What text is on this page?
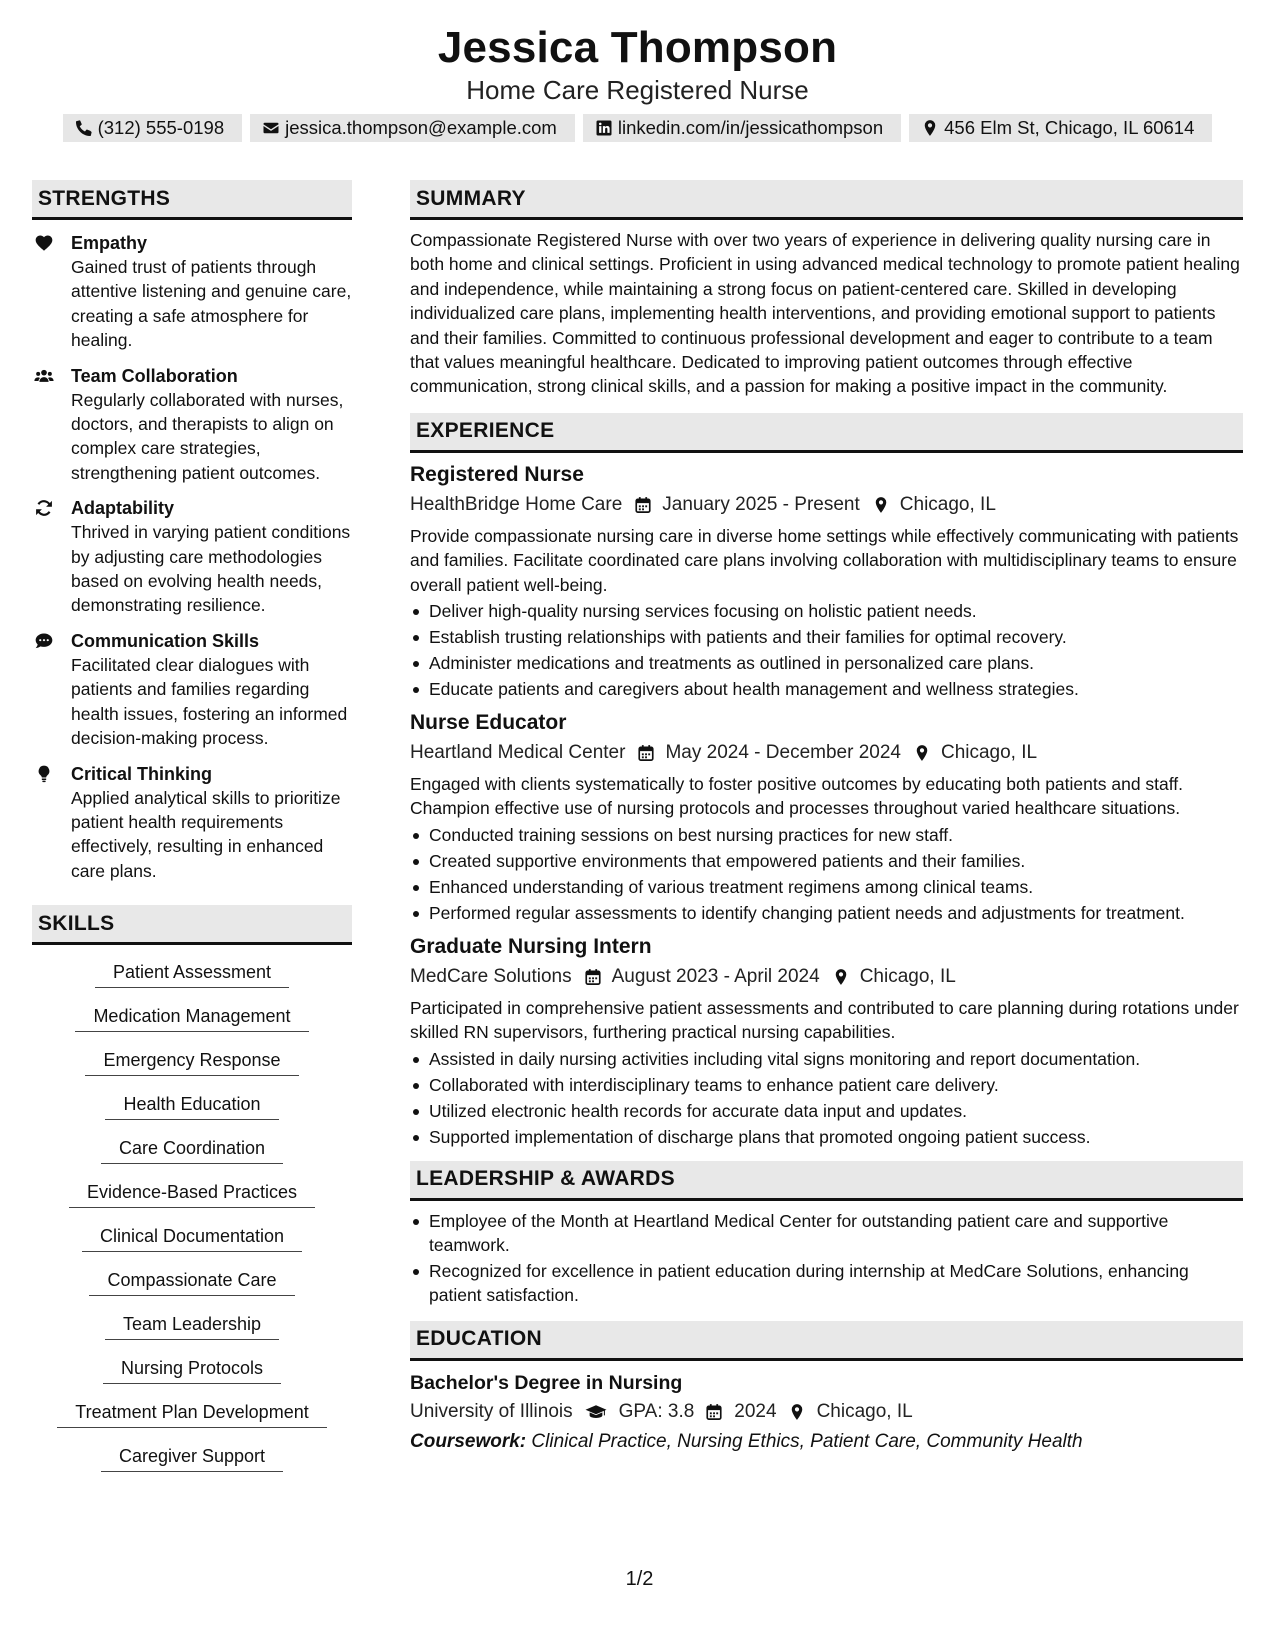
Jessica Thompson
Home Care Registered Nurse
(312) 555-0198	jessica.thompson@example.com	linkedin.com/in/jessicathompson	456 Elm St, Chicago, IL 60614
STRENGTHS
Empathy
Gained trust of patients through attentive listening and genuine care, creating a safe atmosphere for healing.
Team Collaboration
Regularly collaborated with nurses, doctors, and therapists to align on complex care strategies, strengthening patient outcomes.
Adaptability
Thrived in varying patient conditions by adjusting care methodologies based on evolving health needs, demonstrating resilience.
Communication Skills
Facilitated clear dialogues with patients and families regarding health issues, fostering an informed decision-making process.
Critical Thinking
Applied analytical skills to prioritize patient health requirements effectively, resulting in enhanced care plans.
SKILLS
Patient Assessment
Medication Management
Emergency Response
Health Education
Care Coordination
Evidence-Based Practices
Clinical Documentation
Compassionate Care
Team Leadership
Nursing Protocols
Treatment Plan Development
Caregiver Support
SUMMARY
Compassionate Registered Nurse with over two years of experience in delivering quality nursing care in both home and clinical settings. Proficient in using advanced medical technology to promote patient healing and independence, while maintaining a strong focus on patient-centered care. Skilled in developing individualized care plans, implementing health interventions, and providing emotional support to patients and their families. Committed to continuous professional development and eager to contribute to a team that values meaningful healthcare. Dedicated to improving patient outcomes through effective communication, strong clinical skills, and a passion for making a positive impact in the community.
EXPERIENCE
Registered Nurse
HealthBridge Home Care January 2025 - Present Chicago, IL
Provide compassionate nursing care in diverse home settings while effectively communicating with patients and families. Facilitate coordinated care plans involving collaboration with multidisciplinary teams to ensure overall patient well-being.
Deliver high-quality nursing services focusing on holistic patient needs.
Establish trusting relationships with patients and their families for optimal recovery.
Administer medications and treatments as outlined in personalized care plans.
Educate patients and caregivers about health management and wellness strategies.
Nurse Educator
Heartland Medical Center May 2024 - December 2024 Chicago, IL
Engaged with clients systematically to foster positive outcomes by educating both patients and staff. Champion effective use of nursing protocols and processes throughout varied healthcare situations.
Conducted training sessions on best nursing practices for new staff.
Created supportive environments that empowered patients and their families.
Enhanced understanding of various treatment regimens among clinical teams.
Performed regular assessments to identify changing patient needs and adjustments for treatment.
Graduate Nursing Intern
MedCare Solutions August 2023 - April 2024 Chicago, IL
Participated in comprehensive patient assessments and contributed to care planning during rotations under skilled RN supervisors, furthering practical nursing capabilities.
Assisted in daily nursing activities including vital signs monitoring and report documentation.
Collaborated with interdisciplinary teams to enhance patient care delivery.
Utilized electronic health records for accurate data input and updates.
Supported implementation of discharge plans that promoted ongoing patient success.
LEADERSHIP & AWARDS
Employee of the Month at Heartland Medical Center for outstanding patient care and supportive teamwork.
Recognized for excellence in patient education during internship at MedCare Solutions, enhancing patient satisfaction.
EDUCATION
Bachelor's Degree in Nursing
University of Illinois GPA: 3.8 2024 Chicago, IL
Coursework: Clinical Practice, Nursing Ethics, Patient Care, Community Health
1/2
